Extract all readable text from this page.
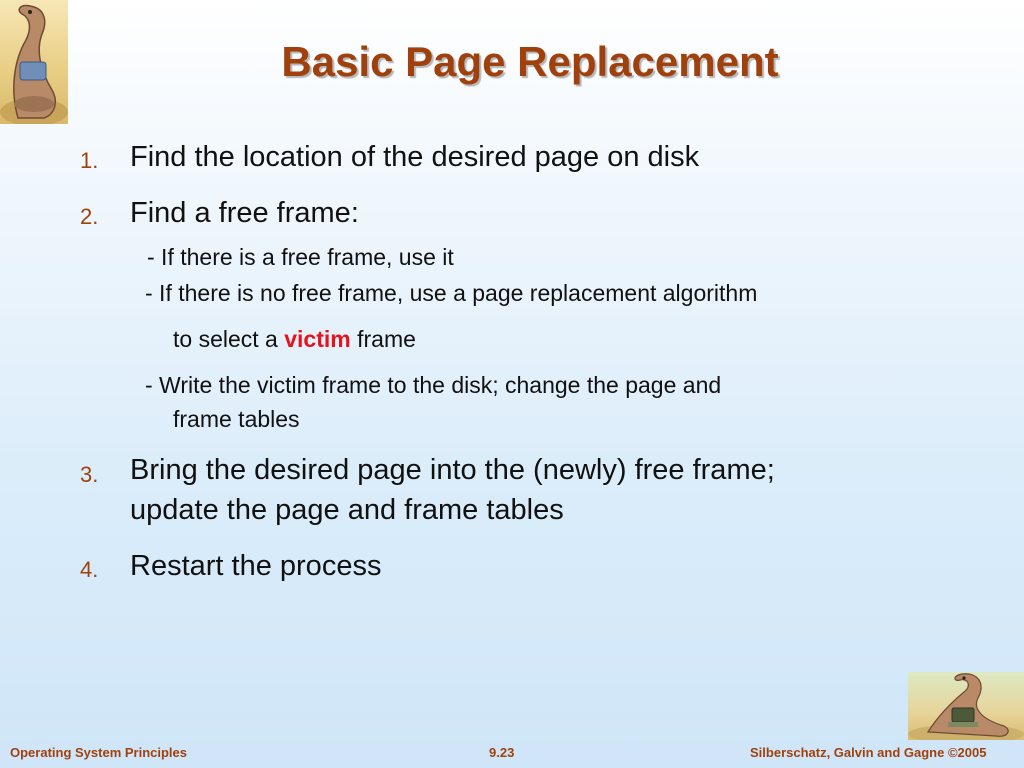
Basic Page Replacement
1. Find the location of the desired page on disk
2. Find a free frame:
- If there is a free frame, use it
- If there is no free frame, use a page replacement algorithm
to select a victim frame
- Write the victim frame to the disk; change the page and
frame tables
3. Bring the desired page into the (newly) free frame;
update the page and frame tables
4. Restart the process
Operating System Principles	9.23	Silberschatz, Galvin and Gagne ©2005
